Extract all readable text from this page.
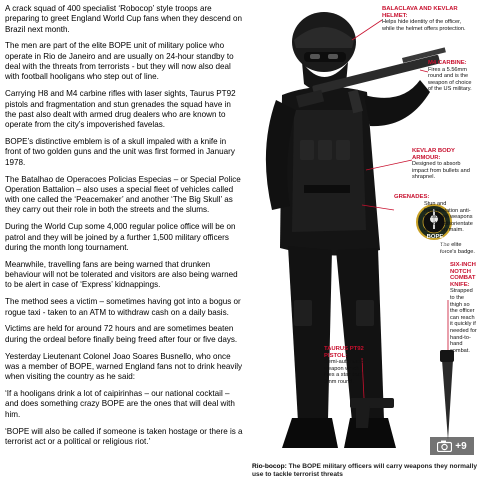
A crack squad of 400 specialist ‘Robocop’ style troops are preparing to greet England World Cup fans when they descend on Brazil next month.

The men are part of the elite BOPE unit of military police who operate in Rio de Janeiro and are usually on 24-hour standby to deal with the threats from terrorists - but they will now also deal with football hooligans who step out of line.

Carrying H8 and M4 carbine rifles with laser sights, Taurus PT92 pistols and fragmentation and stun grenades the squad have in the past also dealt with armed drug dealers who are known to operate from the city’s impoverished favelas.

BOPE’s distinctive emblem is of a skull impaled with a knife in front of two golden guns and the unit was first formed in January 1978.

The Batalhao de Operacoes Policias Especias – or Special Police Operation Battalion – also uses a special fleet of vehicles called with one called the ‘Peacemaker’ and another ‘The Big Skull’ as they carry out their role in both the streets and the slums.

During the World Cup some 4,000 regular police office will be on patrol and they will be joined by a further 1,500 military officers during the month long tournament.

Meanwhile, travelling fans are being warned that drunken behaviour will not be tolerated and visitors are also being warned to be alert in case of ‘Express’ kidnappings.

The method sees a victim – sometimes having got into a bogus or rogue taxi - taken to an ATM to withdraw cash on a daily basis.

Victims are held for around 72 hours and are sometimes beaten during the ordeal before finally being freed after four or five days.

Yesterday Lieutenant Colonel Joao Soares Busnello, who once was a member of BOPE, warned England fans not to drink heavily when visiting the country as he said:

‘If a hooligans drink a lot of caipirinhas – our national cocktail – and does something crazy BOPE are the ones that will deal with him.

‘BOPE will also be called if someone is taken hostage or there is a terrorist act or a political or religious riot.’

BALACLAVA AND KEVLAR HELMET:
Helps hide identity of the officer, while the helmet offers protection.
M4 CARBINE:
Fires a 5.56mm round and is the weapon of choice of the US military.
KEVLAR BODY ARMOUR:
Designed to absorb impact from bullets and shrapnel.
GRENADES:
Stun and fragmentation anti-personnel weapons used to disorientate and even maim.
The elite force's badge.
BOPE
OPERAÇÕES ESPECIAIS
SIX-INCH NOTCH COMBAT KNIFE:
Strapped to the thigh so the officer can reach it quickly if needed for hand-to-hand combat.
TAURUS PT92 PISTOL:
Semi-automatic weapon which fires a standard 9mm round.
+9
Rio-bocop: The BOPE military officers will carry weapons they normally use to tackle terrorist threats
